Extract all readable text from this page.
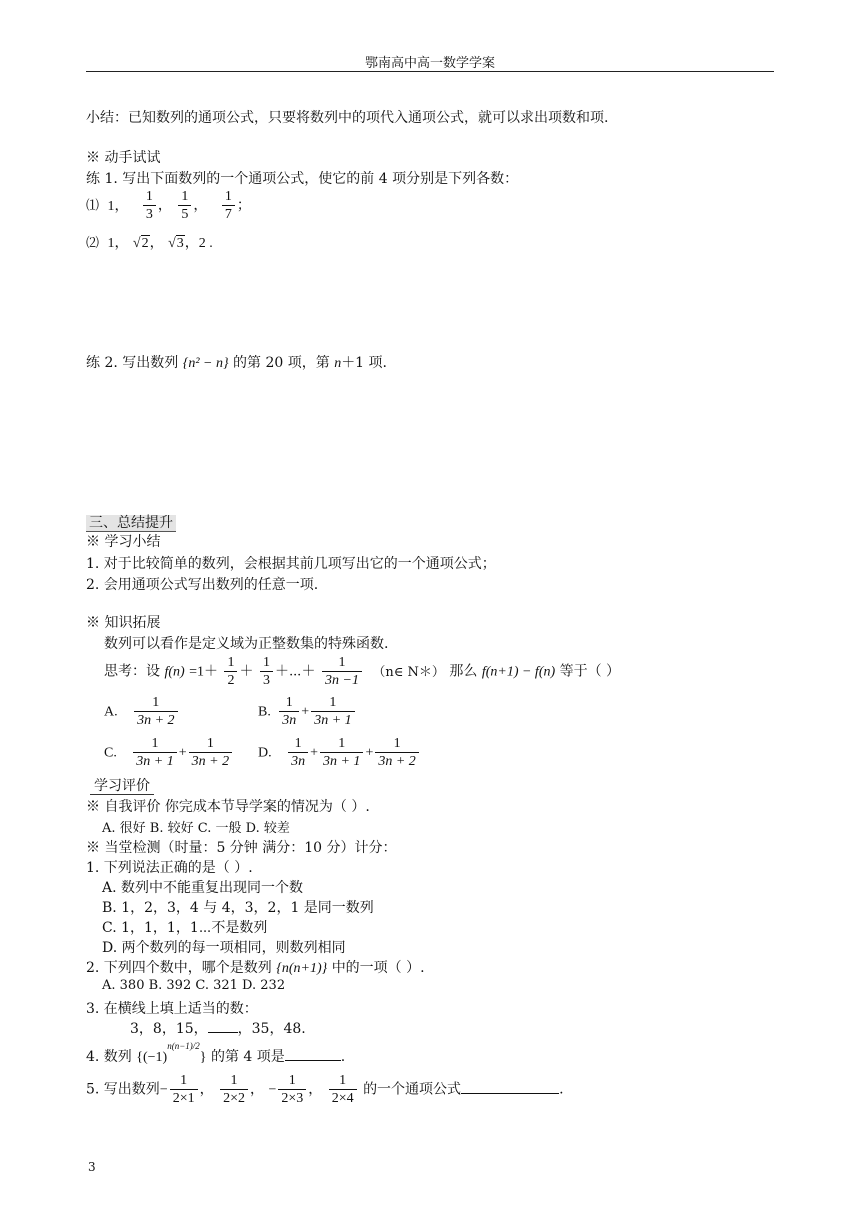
鄂南高中高一数学学案
小结：已知数列的通项公式，只要将数列中的项代入通项公式，就可以求出项数和项.
※ 动手试试
练 1. 写出下面数列的一个通项公式，使它的前 4 项分别是下列各数：
⑴ 1， $\frac{1}{3}$ ， $\frac{1}{5}$ ， $\frac{1}{7}$ ；
⑵ 1， √2， √3，2 .
练 2. 写出数列 {n² − n} 的第 20 项，第 n＋1 项.
三、总结提升
※ 学习小结
1. 对于比较简单的数列，会根据其前几项写出它的一个通项公式；
2. 会用通项公式写出数列的任意一项.
※ 知识拓展
数列可以看作是定义域为正整数集的特殊函数.
思考：设 $f(n) =1+ \frac{1}{2} + \frac{1}{3}$ ＋⋯＋ $\frac{1}{3n -1}$ （n∈ N＊） 那么 f(n+1) − f(n) 等于（ ）
A. $\frac{1}{3n + 2}$	B. $\frac{1}{3n} + \frac{1}{3n + 1}$
C. $\frac{1}{3n + 1} + \frac{1}{3n + 2} D$. $\frac{1}{3n} + \frac{1}{3n + 1} + \frac{1}{3n + 2}$
学习评价
※ 自我评价 你完成本节导学案的情况为（ ）.
A. 很好 B. 较好 C. 一般 D. 较差
※ 当堂检测（时量：5 分钟 满分：10 分）计分：
1. 下列说法正确的是（ ）.
A. 数列中不能重复出现同一个数
B. 1，2，3，4 与 4，3，2，1 是同一数列
C. 1，1，1，1⋯不是数列
D. 两个数列的每一项相同，则数列相同
2. 下列四个数中，哪个是数列 {n(n+1)} 中的一项（ ）.
A. 380 B. 392 C. 321 D. 232
3. 在横线上填上适当的数：
3，8，15， ，35，48.
4. 数列 $\{(-1)^{n(n-1)/2}\}$ 的第 4 项是	.
5. 写出数列− $\frac{1}{2\times 1}$ ， $\frac{1}{2\times 2}$ ， − $\frac{1}{2\times 3}$ ， $\frac{1}{2\times 4}$ 的一个通项公式	.
3
